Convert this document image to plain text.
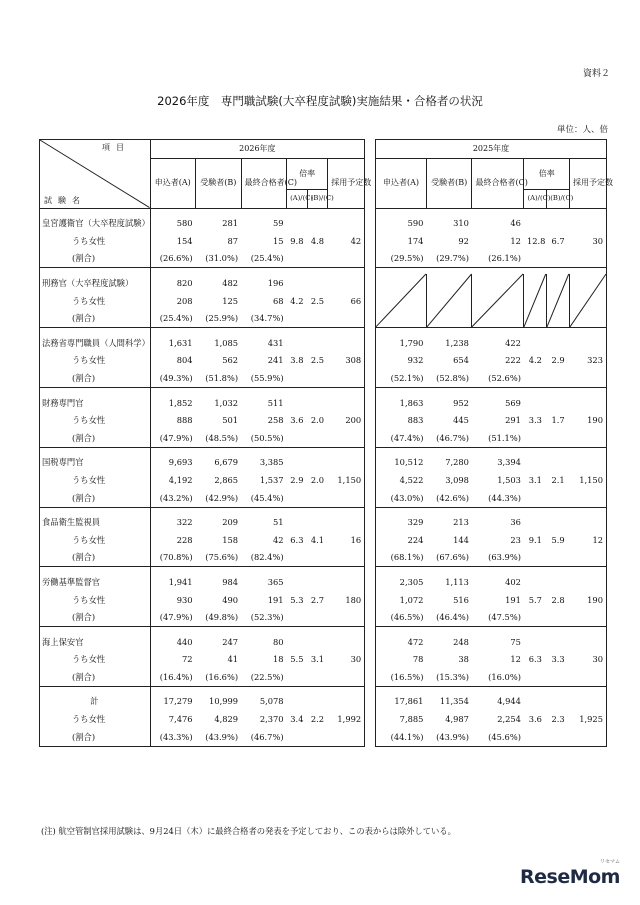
資料２
2026年度　専門職試験(大卒程度試験)実施結果・合格者の状況
単位：人、倍
項目
試験名	2026年度							2025年度					
	申込者(A)	受験者(B)	最終合格者(C)	倍率		採用予定数		申込者(A)	受験者(B)	最終合格者(C)	倍率		採用予定数
				(A)/(C)	(B)/(C)						(A)/(C)	(B)/(C)	

皇宮護衛官（大卒程度試験）	580	281	59	9.8	4.8	42		590	310	46	12.8	6.7	30
うち女性	154	87	15					174	92	12			
(割合)	(26.6%)	(31.0%)	(25.4%)					(29.5%)	(29.7%)	(26.1%)			

刑務官（大卒程度試験）	820	482	196	4.2	2.5	66		

うち女性	208	125	68										
(割合)	(25.4%)	(25.9%)	(34.7%)										

法務省専門職員（人間科学）	1,631	1,085	431	3.8	2.5	308		1,790	1,238	422	4.2	2.9	323
うち女性	804	562	241					932	654	222			
(割合)	(49.3%)	(51.8%)	(55.9%)					(52.1%)	(52.8%)	(52.6%)			

財務専門官	1,852	1,032	511	3.6	2.0	200		1,863	952	569	3.3	1.7	190
うち女性	888	501	258					883	445	291			
(割合)	(47.9%)	(48.5%)	(50.5%)					(47.4%)	(46.7%)	(51.1%)			

国税専門官	9,693	6,679	3,385	2.9	2.0	1,150		10,512	7,280	3,394	3.1	2.1	1,150
うち女性	4,192	2,865	1,537					4,522	3,098	1,503			
(割合)	(43.2%)	(42.9%)	(45.4%)					(43.0%)	(42.6%)	(44.3%)			

食品衛生監視員	322	209	51	6.3	4.1	16		329	213	36	9.1	5.9	12
うち女性	228	158	42					224	144	23			
(割合)	(70.8%)	(75.6%)	(82.4%)					(68.1%)	(67.6%)	(63.9%)			

労働基準監督官	1,941	984	365	5.3	2.7	180		2,305	1,113	402	5.7	2.8	190
うち女性	930	490	191					1,072	516	191			
(割合)	(47.9%)	(49.8%)	(52.3%)					(46.5%)	(46.4%)	(47.5%)			

海上保安官	440	247	80	5.5	3.1	30		472	248	75	6.3	3.3	30
うち女性	72	41	18					78	38	12			
(割合)	(16.4%)	(16.6%)	(22.5%)					(16.5%)	(15.3%)	(16.0%)			

計	17,279	10,999	5,078	3.4	2.2	1,992		17,861	11,354	4,944	3.6	2.3	1,925
うち女性	7,476	4,829	2,370					7,885	4,987	2,254			
(割合)	(43.3%)	(43.9%)	(46.7%)					(44.1%)	(43.9%)	(45.6%)			
(注) 航空管制官採用試験は、9月24日（木）に最終合格者の発表を予定しており、この表からは除外している。
ReseMom
リセマム
